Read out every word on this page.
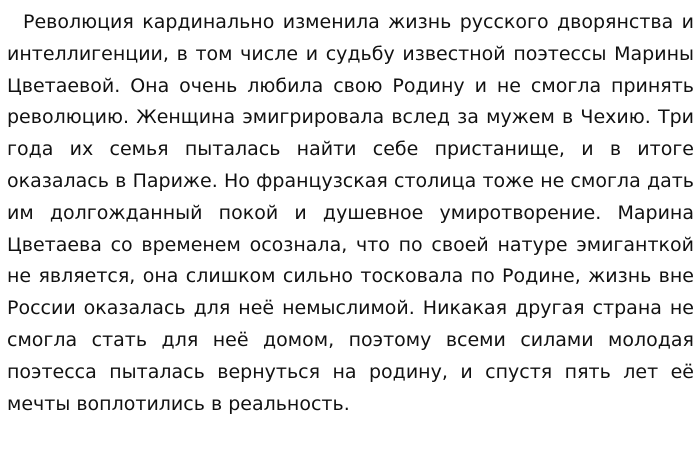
Революция кардинально изменила жизнь русского дворянства и интеллигенции, в том числе и судьбу известной поэтессы Марины Цветаевой. Она очень любила свою Родину и не смогла принять революцию. Женщина эмигрировала вслед за мужем в Чехию. Три года их семья пыталась найти себе пристанище, и в итоге оказалась в Париже. Но французская столица тоже не смогла дать им долгожданный покой и душевное умиротворение. Марина Цветаева со временем осознала, что по своей натуре эмиганткой не является, она слишком сильно тосковала по Родине, жизнь вне России оказалась для неё немыслимой. Никакая другая страна не смогла стать для неё домом, поэтому всеми силами молодая поэтесса пыталась вернуться на родину, и спустя пять лет её мечты воплотились в реальность.
